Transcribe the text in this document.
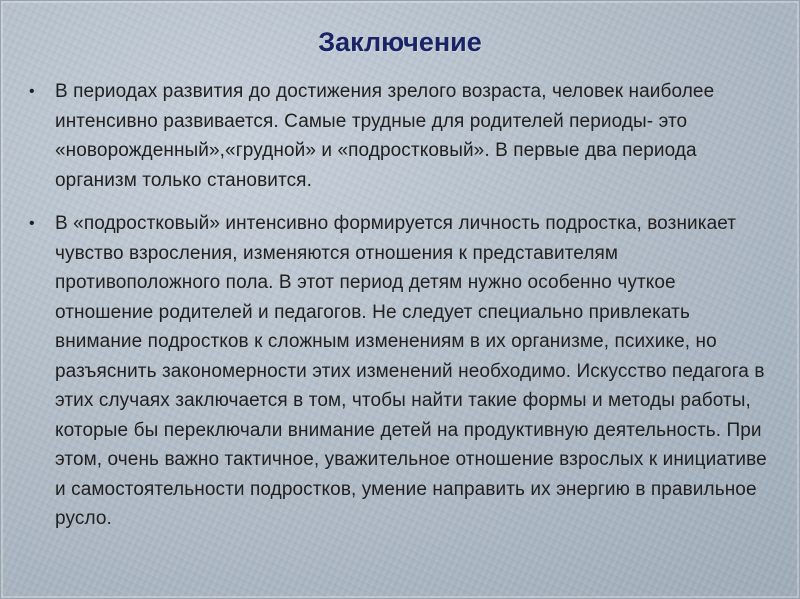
Заключение
• В периодах развития до достижения зрелого возраста, человек наиболее интенсивно развивается. Самые трудные для родителей периоды- это «новорожденный»,«грудной» и «подростковый». В первые два периода организм только становится.
• В «подростковый» интенсивно формируется личность подростка, возникает чувство взросления, изменяются отношения к представителям противоположного пола. В этот период детям нужно особенно чуткое отношение родителей и педагогов. Не следует специально привлекать внимание подростков к сложным изменениям в их организме, психике, но разъяснить закономерности этих изменений необходимо. Искусство педагога в этих случаях заключается в том, чтобы найти такие формы и методы работы, которые бы переключали внимание детей на продуктивную деятельность. При этом, очень важно тактичное, уважительное отношение взрослых к инициативе и самостоятельности подростков, умение направить их энергию в правильное русло.
